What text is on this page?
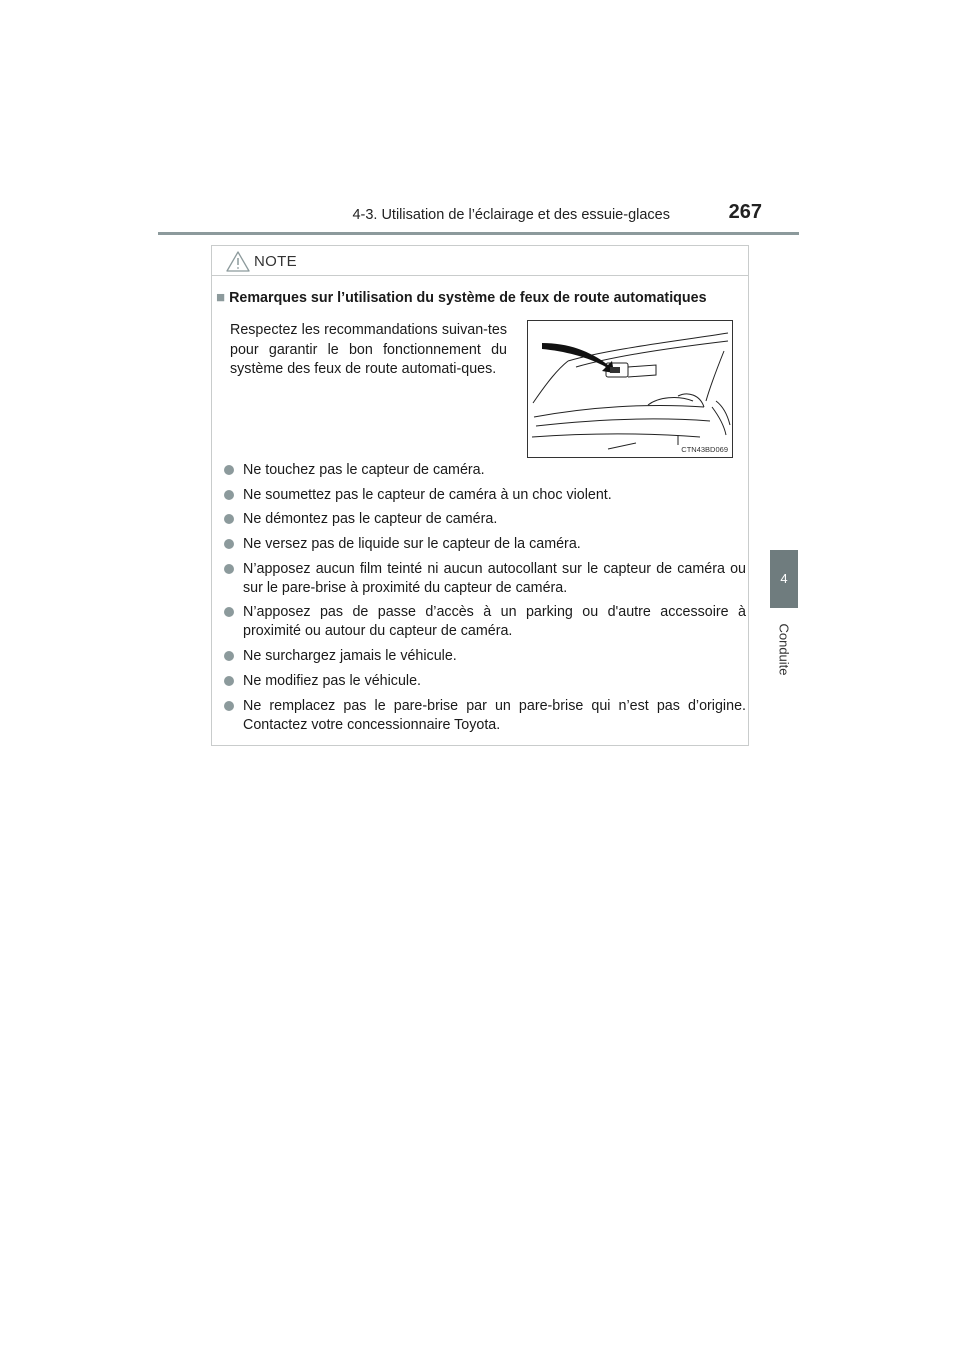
4-3. Utilisation de l’éclairage et des essuie-glaces	267
4
Conduite
NOTE
■ Remarques sur l’utilisation du système de feux de route automatiques
Respectez les recommandations suivan-tes pour garantir le bon fonctionnement du système des feux de route automati-ques.
CTN43BD069
Ne touchez pas le capteur de caméra.
Ne soumettez pas le capteur de caméra à un choc violent.
Ne démontez pas le capteur de caméra.
Ne versez pas de liquide sur le capteur de la caméra.
N’apposez aucun film teinté ni aucun autocollant sur le capteur de caméra ou sur le pare-brise à proximité du capteur de caméra.
N’apposez pas de passe d’accès à un parking ou d'autre accessoire à proximité ou autour du capteur de caméra.
Ne surchargez jamais le véhicule.
Ne modifiez pas le véhicule.
Ne remplacez pas le pare-brise par un pare-brise qui n’est pas d’origine. Contactez votre concessionnaire Toyota.
